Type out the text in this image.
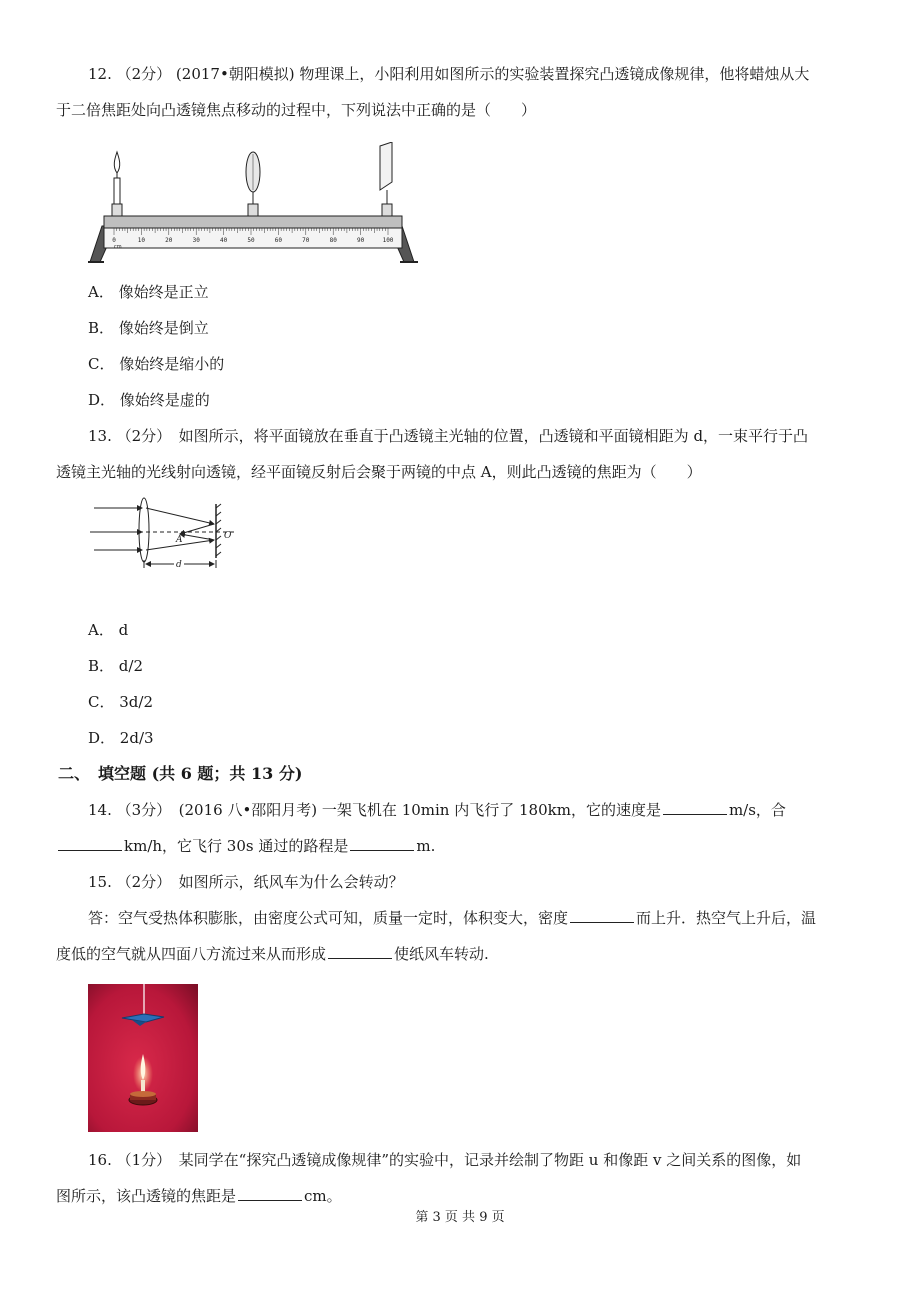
12. （2分） (2017•朝阳模拟) 物理课上，小阳利用如图所示的实验装置探究凸透镜成像规律，他将蜡烛从大
于二倍焦距处向凸透镜焦点移动的过程中，下列说法中正确的是（　　）
0	10	20	30	40	50	60	70	80	90	100
cm
A． 像始终是正立
B． 像始终是倒立
C． 像始终是缩小的
D． 像始终是虚的
13. （2分）　如图所示，将平面镜放在垂直于凸透镜主光轴的位置，凸透镜和平面镜相距为 d，一束平行于凸
透镜主光轴的光线射向透镜，经平面镜反射后会聚于两镜的中点 A，则此凸透镜的焦距为（　　）
A	O
d
A． d
B． d/2
C． 3d/2
D． 2d/3
二、　填空题 (共 6 题；共 13 分)
14. （3分）　(2016 八•邵阳月考) 一架飞机在 10min 内飞行了 180km，它的速度是	m/s，合
km/h，它飞行 30s 通过的路程是	m.
15. （2分）　如图所示，纸风车为什么会转动？
答：空气受热体积膨胀，由密度公式可知，质量一定时，体积变大，密度	而上升．热空气上升后，温
度低的空气就从四面八方流过来从而形成	使纸风车转动.
16. （1分）　某同学在“探究凸透镜成像规律”的实验中，记录并绘制了物距 u 和像距 v 之间关系的图像，如
图所示，该凸透镜的焦距是	cm。
第 3 页 共 9 页
